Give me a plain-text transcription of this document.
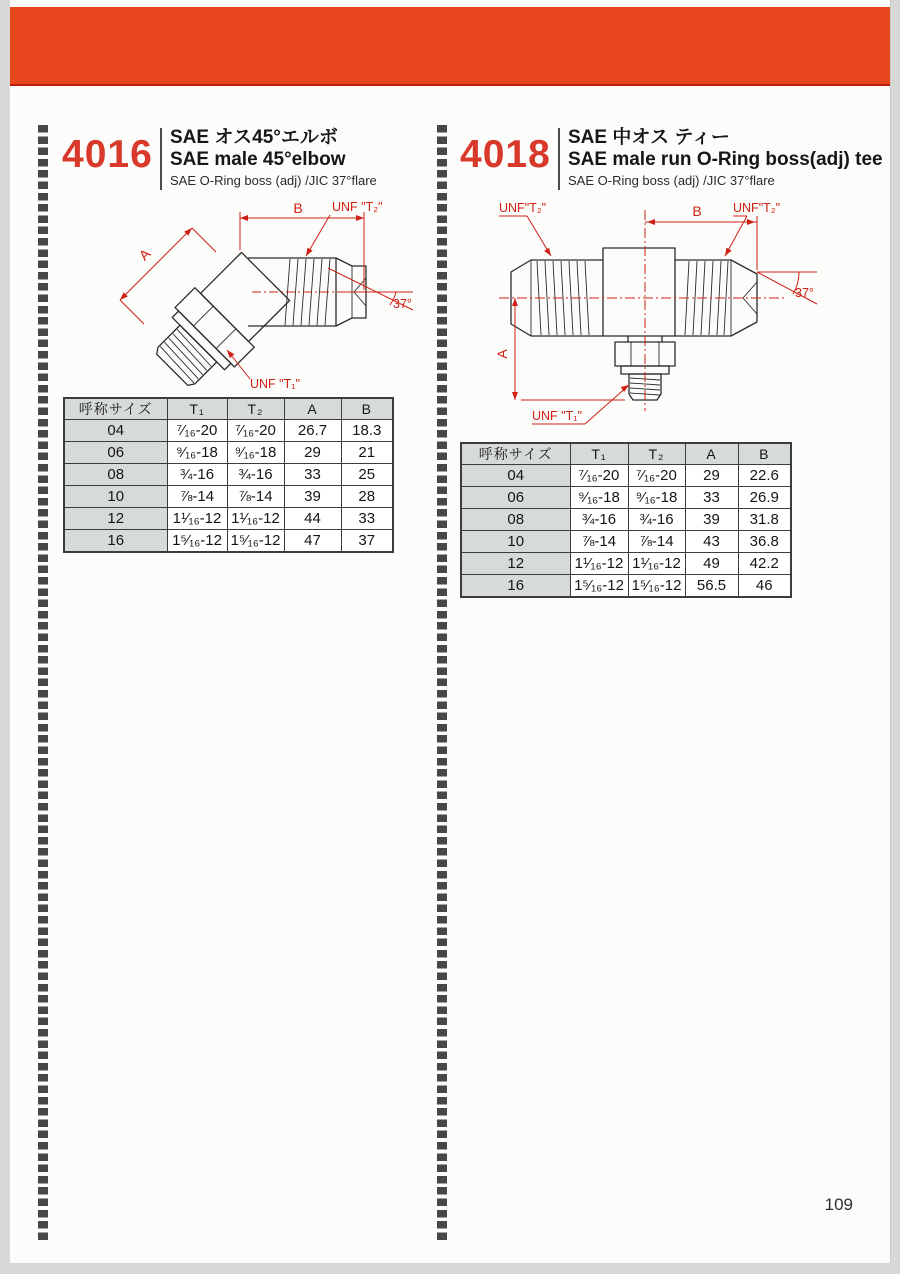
4016 SAE オス45°エルボ
SAE male 45°elbow
SAE O-Ring boss (adj) /JIC 37°flare
4018 SAE 中オス ティー
SAE male run O-Ring boss(adj) tee
SAE O-Ring boss (adj) /JIC 37°flare
B
A
UNF "T₂"
37°
UNF "T₁"
B
A
UNF"T₂"	UNF"T₂"
37°
UNF "T₁"
呼称サイズ	T₁	T₂	A	B
04	⁷⁄₁₆-20	⁷⁄₁₆-20	26.7	18.3
06	⁹⁄₁₆-18	⁹⁄₁₆-18	29	21
08	¾-16	¾-16	33	25
10	⅞-14	⅞-14	39	28
12	1¹⁄₁₆-12	1¹⁄₁₆-12	44	33
16	1⁵⁄₁₆-12	1⁵⁄₁₆-12	47	37
呼称サイズ	T₁	T₂	A	B
04	⁷⁄₁₆-20	⁷⁄₁₆-20	29	22.6
06	⁹⁄₁₆-18	⁹⁄₁₆-18	33	26.9
08	¾-16	¾-16	39	31.8
10	⅞-14	⅞-14	43	36.8
12	1¹⁄₁₆-12	1¹⁄₁₆-12	49	42.2
16	1⁵⁄₁₆-12	1⁵⁄₁₆-12	56.5	46
109
